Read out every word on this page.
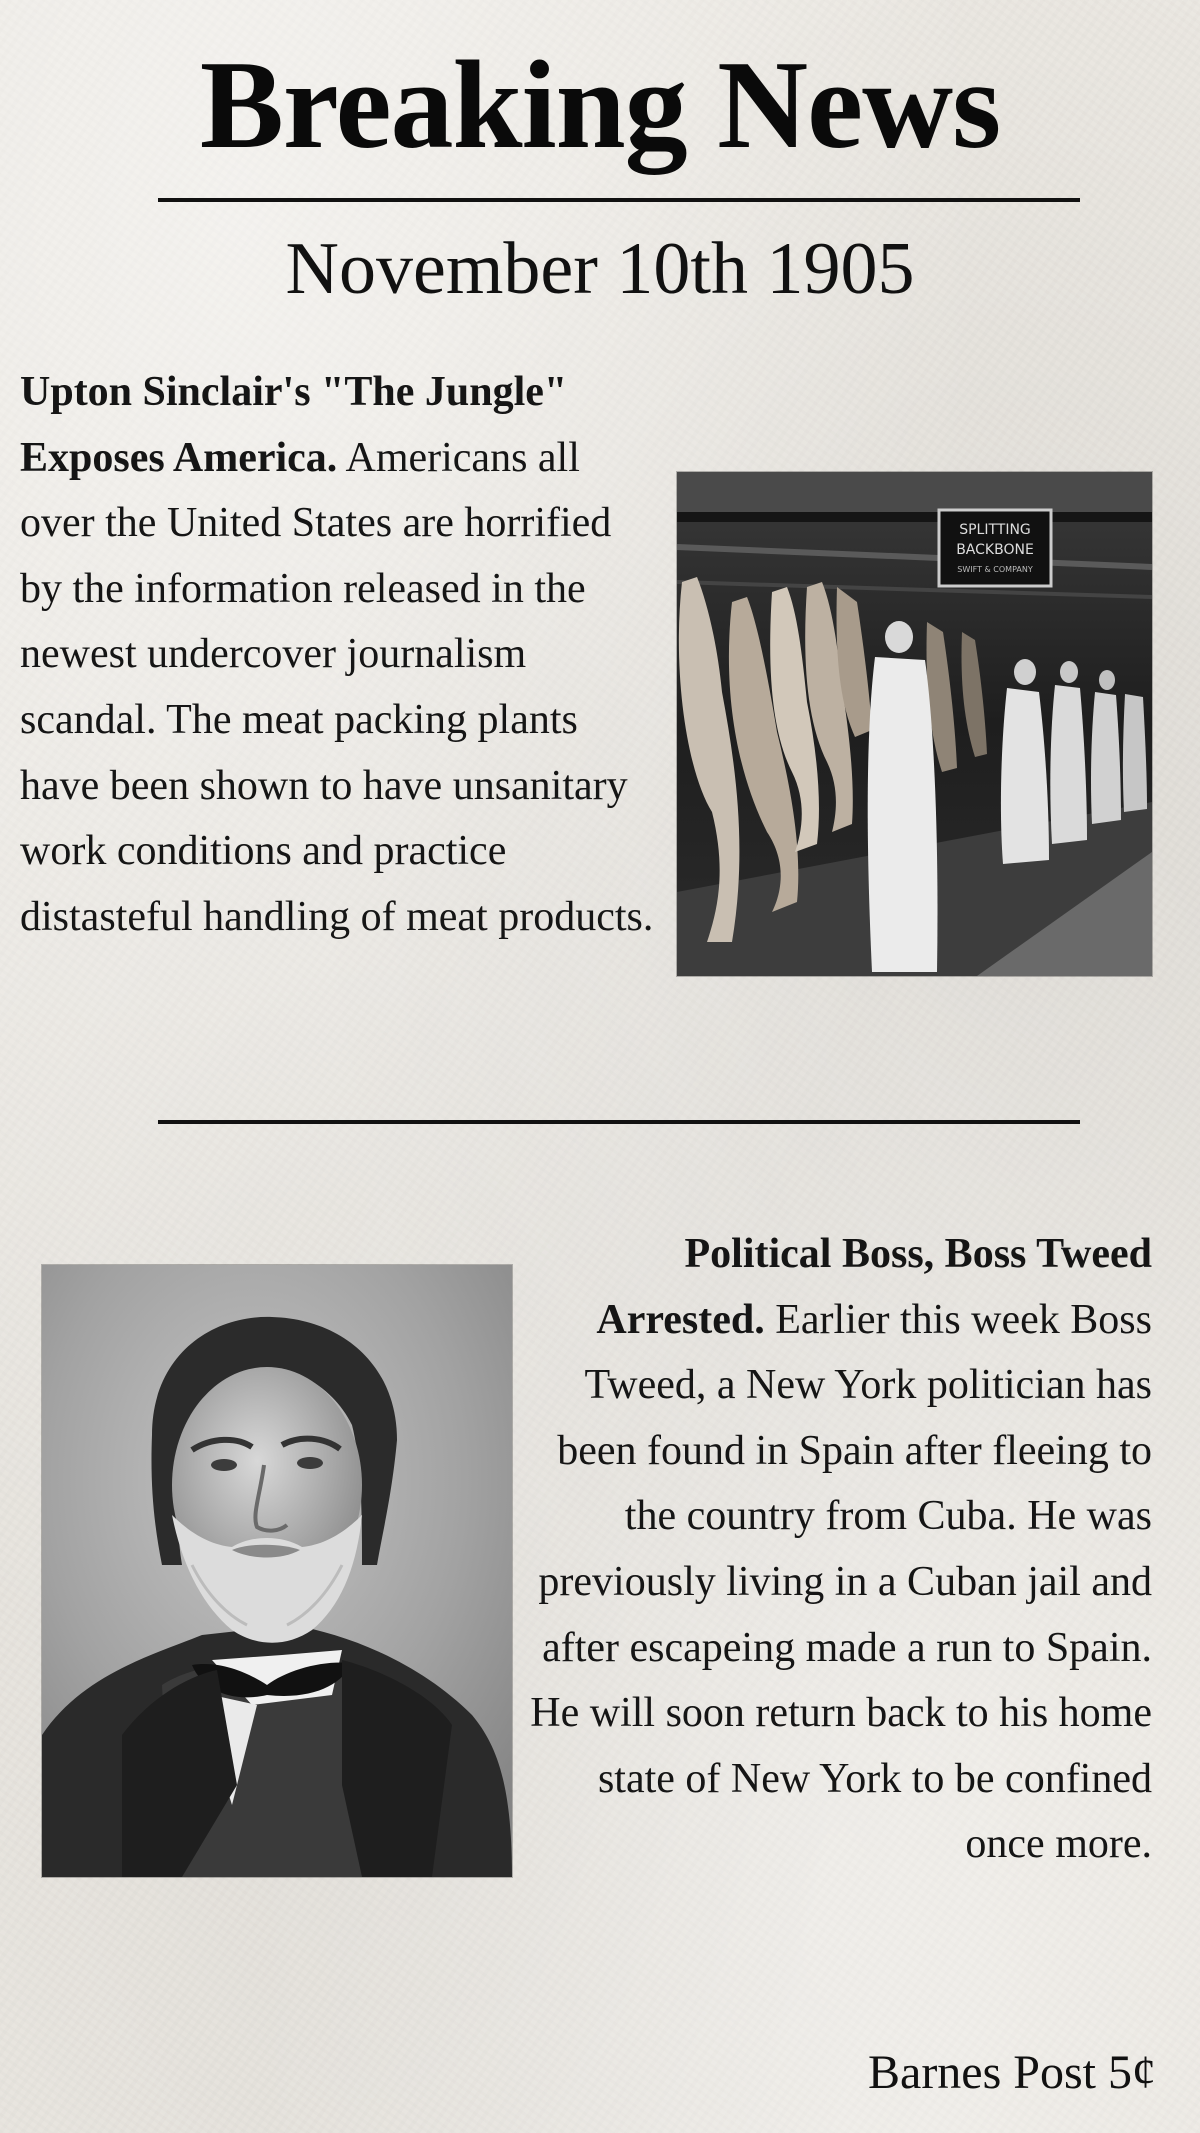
Breaking News
November 10th 1905
Upton Sinclair's "The Jungle" Exposes America. Americans all over the United States are horrified by the information released in the newest undercover journalism scandal. The meat packing plants have been shown to have unsanitary work conditions and practice distasteful handling of meat products.
SPLITTING
BACKBONE
SWIFT & COMPANY
Political Boss, Boss Tweed Arrested. Earlier this week Boss Tweed, a New York politician has been found in Spain after fleeing to the country from Cuba. He was previously living in a Cuban jail and after escapeing made a run to Spain. He will soon return back to his home state of New York to be confined once more.
Barnes Post 5¢
